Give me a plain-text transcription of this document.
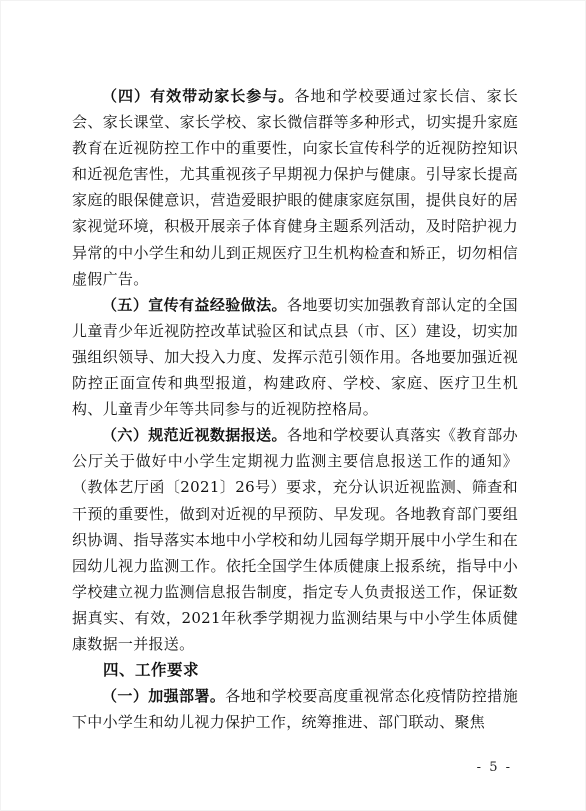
（四）有效带动家长参与。各地和学校要通过家长信、家长会、家长课堂、家长学校、家长微信群等多种形式，切实提升家庭教育在近视防控工作中的重要性，向家长宣传科学的近视防控知识和近视危害性，尤其重视孩子早期视力保护与健康。引导家长提高家庭的眼保健意识，营造爱眼护眼的健康家庭氛围，提供良好的居家视觉环境，积极开展亲子体育健身主题系列活动，及时陪护视力异常的中小学生和幼儿到正规医疗卫生机构检查和矫正，切勿相信虚假广告。

（五）宣传有益经验做法。各地要切实加强教育部认定的全国儿童青少年近视防控改革试验区和试点县（市、区）建设，切实加强组织领导、加大投入力度、发挥示范引领作用。各地要加强近视防控正面宣传和典型报道，构建政府、学校、家庭、医疗卫生机构、儿童青少年等共同参与的近视防控格局。

（六）规范近视数据报送。各地和学校要认真落实《教育部办公厅关于做好中小学生定期视力监测主要信息报送工作的通知》（教体艺厅函〔2021〕26号）要求，充分认识近视监测、筛查和干预的重要性，做到对近视的早预防、早发现。各地教育部门要组织协调、指导落实本地中小学校和幼儿园每学期开展中小学生和在园幼儿视力监测工作。依托全国学生体质健康上报系统，指导中小学校建立视力监测信息报告制度，指定专人负责报送工作，保证数据真实、有效，2021年秋季学期视力监测结果与中小学生体质健康数据一并报送。

四、工作要求

（一）加强部署。各地和学校要高度重视常态化疫情防控措施下中小学生和幼儿视力保护工作，统筹推进、部门联动、聚焦

- 5 -
